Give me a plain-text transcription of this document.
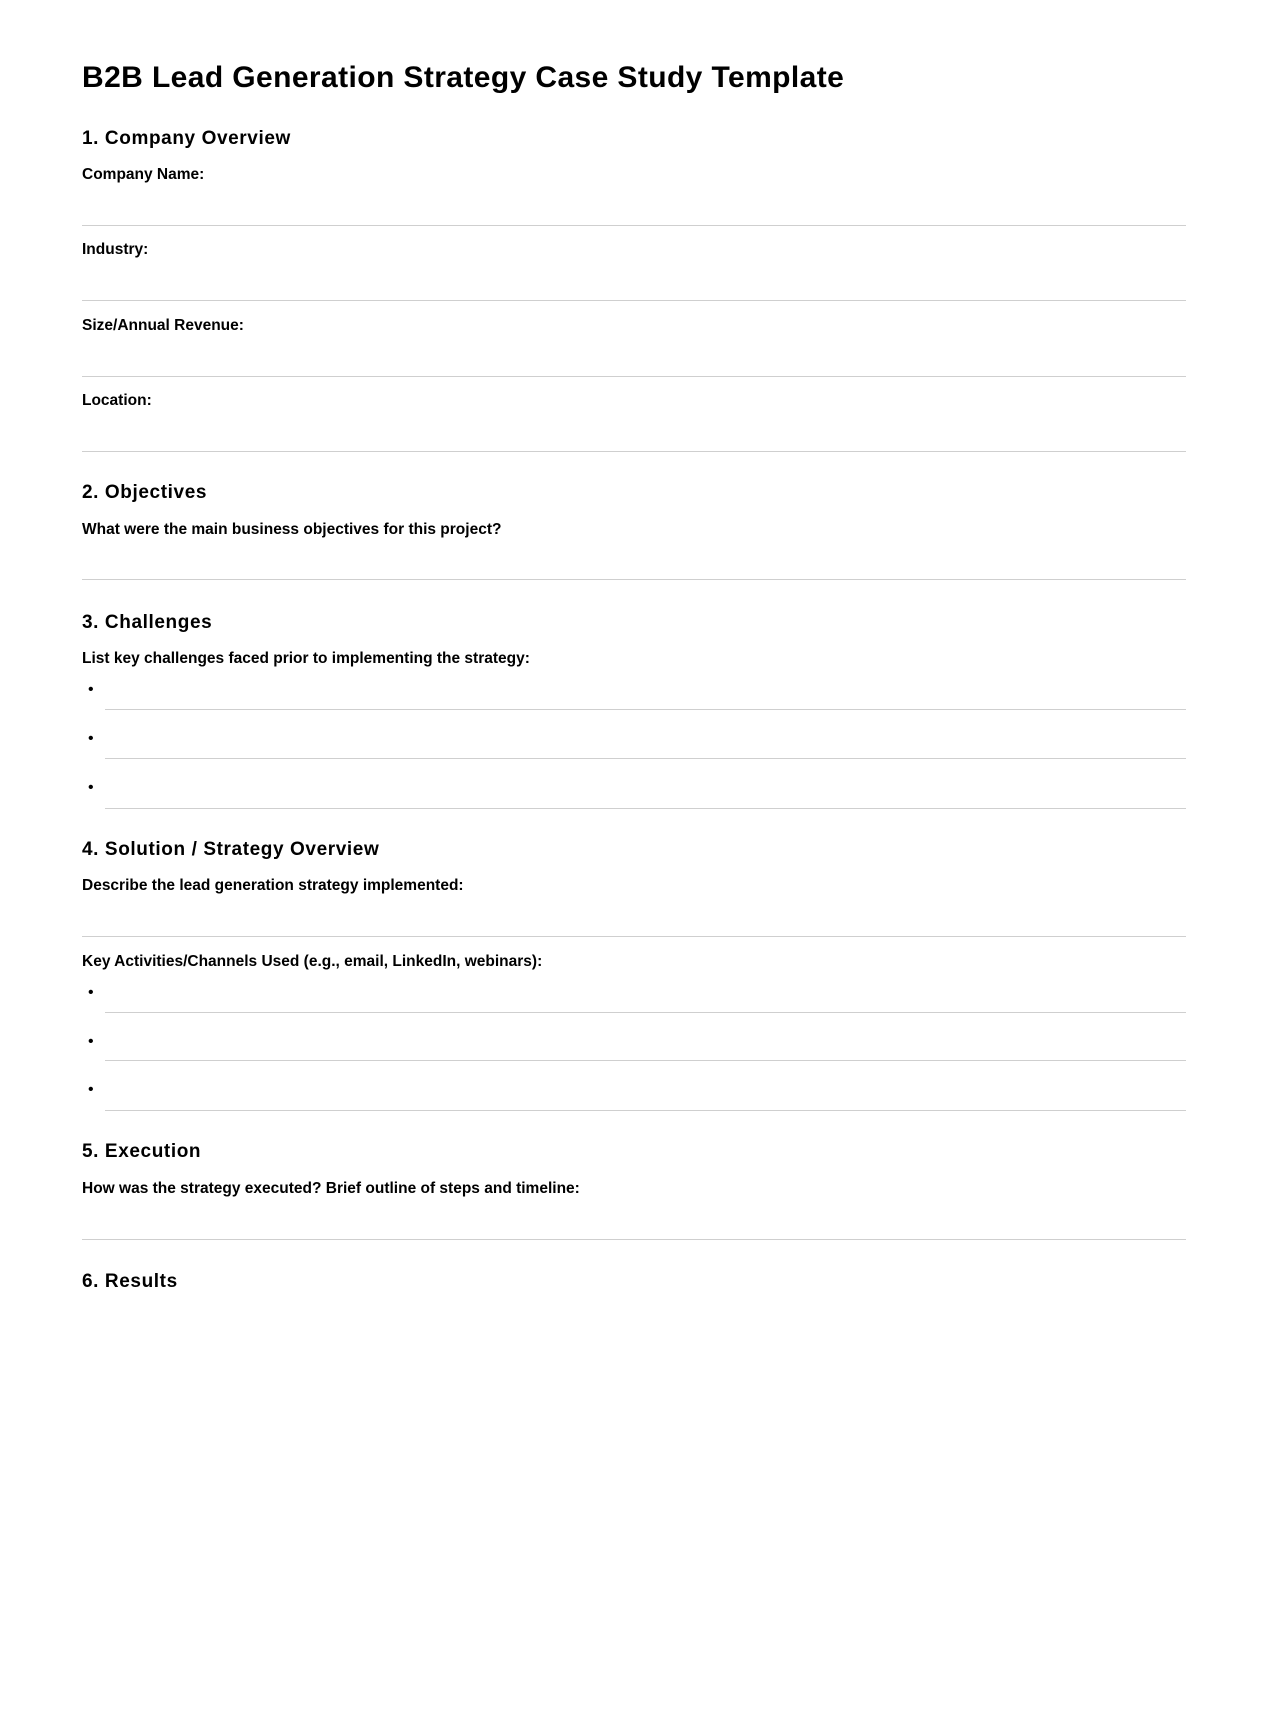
B2B Lead Generation Strategy Case Study Template
1. Company Overview
Company Name:
Industry:
Size/Annual Revenue:
Location:
2. Objectives
What were the main business objectives for this project?
3. Challenges
List key challenges faced prior to implementing the strategy:
•
•
•
4. Solution / Strategy Overview
Describe the lead generation strategy implemented:
Key Activities/Channels Used (e.g., email, LinkedIn, webinars):
•
•
•
5. Execution
How was the strategy executed? Brief outline of steps and timeline:
6. Results
